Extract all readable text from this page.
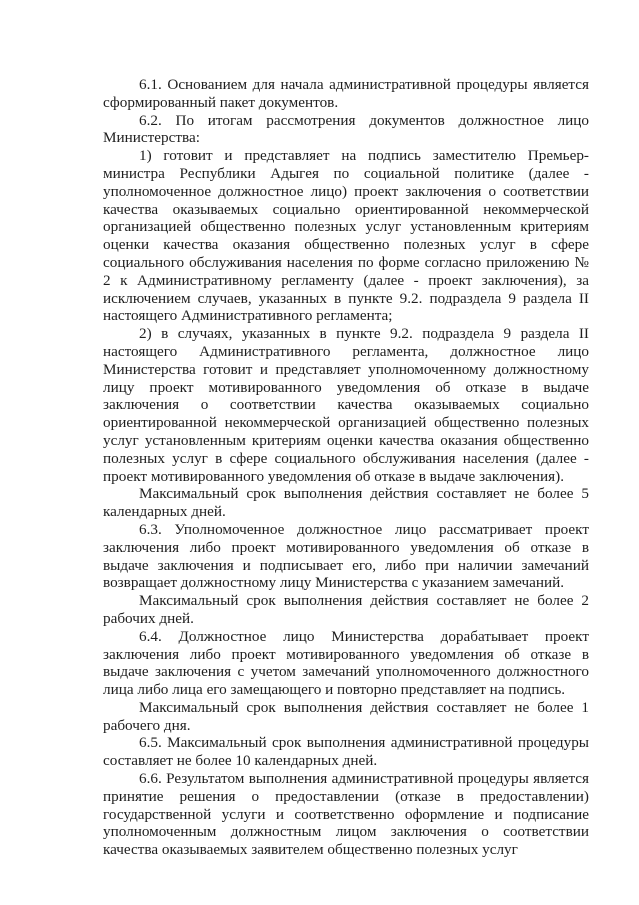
6.1. Основанием для начала административной процедуры является сформированный пакет документов.

6.2. По итогам рассмотрения документов должностное лицо Министерства:

1) готовит и представляет на подпись заместителю Премьер-министра Республики Адыгея по социальной политике (далее - уполномоченное должностное лицо) проект заключения о соответствии качества оказываемых социально ориентированной некоммерческой организацией общественно полезных услуг установленным критериям оценки качества оказания общественно полезных услуг в сфере социального обслуживания населения по форме согласно приложению № 2 к Административному регламенту (далее - проект заключения), за исключением случаев, указанных в пункте 9.2. подраздела 9 раздела II настоящего Административного регламента;

2) в случаях, указанных в пункте 9.2. подраздела 9 раздела II настоящего Административного регламента, должностное лицо Министерства готовит и представляет уполномоченному должностному лицу проект мотивированного уведомления об отказе в выдаче заключения о соответствии качества оказываемых социально ориентированной некоммерческой организацией общественно полезных услуг установленным критериям оценки качества оказания общественно полезных услуг в сфере социального обслуживания населения (далее - проект мотивированного уведомления об отказе в выдаче заключения).

Максимальный срок выполнения действия составляет не более 5 календарных дней.

6.3. Уполномоченное должностное лицо рассматривает проект заключения либо проект мотивированного уведомления об отказе в выдаче заключения и подписывает его, либо при наличии замечаний возвращает должностному лицу Министерства с указанием замечаний.

Максимальный срок выполнения действия составляет не более 2 рабочих дней.

6.4. Должностное лицо Министерства дорабатывает проект заключения либо проект мотивированного уведомления об отказе в выдаче заключения с учетом замечаний уполномоченного должностного лица либо лица его замещающего и повторно представляет на подпись.

Максимальный срок выполнения действия составляет не более 1 рабочего дня.

6.5. Максимальный срок выполнения административной процедуры составляет не более 10 календарных дней.

6.6. Результатом выполнения административной процедуры является принятие решения о предоставлении (отказе в предоставлении) государственной услуги и соответственно оформление и подписание уполномоченным должностным лицом заключения о соответствии качества оказываемых заявителем общественно полезных услуг
